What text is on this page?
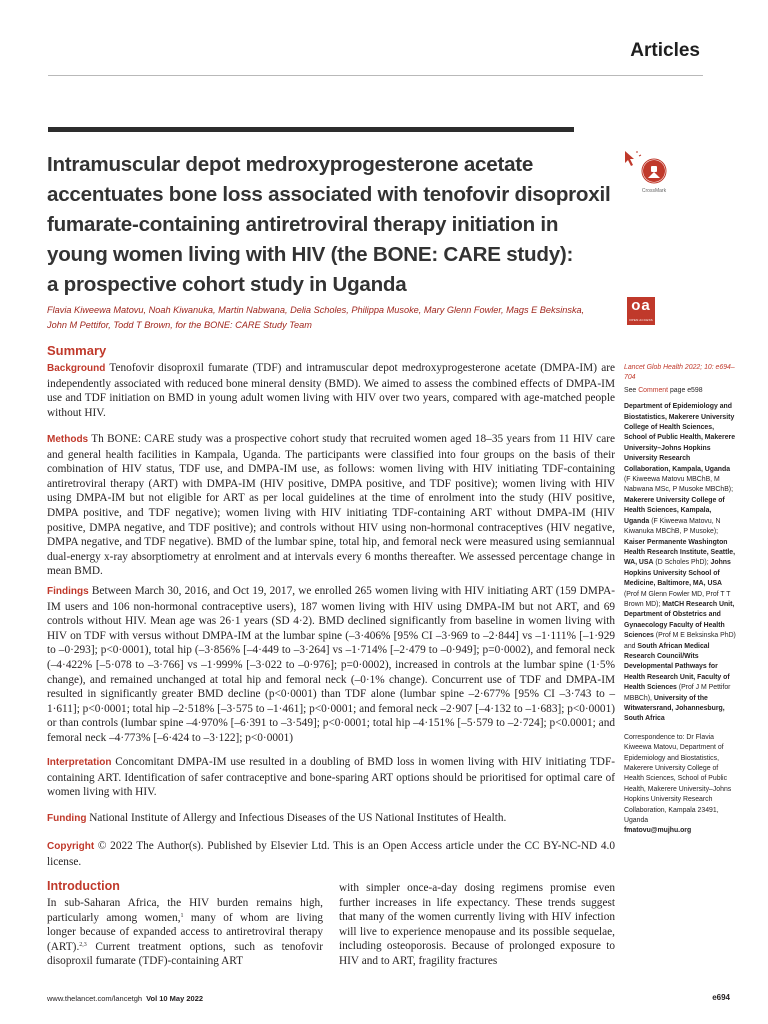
Articles
Intramuscular depot medroxyprogesterone acetate
accentuates bone loss associated with tenofovir disoproxil
fumarate-containing antiretroviral therapy initiation in
young women living with HIV (the BONE: CARE study):
a prospective cohort study in Uganda
CrossMark
oa
OPEN ACCESS
Flavia Kiweewa Matovu, Noah Kiwanuka, Martin Nabwana, Delia Scholes, Philippa Musoke, Mary Glenn Fowler, Mags E Beksinska,
John M Pettifor, Todd T Brown, for the BONE: CARE Study Team
Summary

Background Tenofovir disoproxil fumarate (TDF) and intramuscular depot medroxyprogesterone acetate (DMPA-IM) are independently associated with reduced bone mineral density (BMD). We aimed to assess the combined effects of DMPA-IM use and TDF initiation on BMD in young adult women living with HIV over two years, compared with age-matched people without HIV.

Methods Th BONE: CARE study was a prospective cohort study that recruited women aged 18–35 years from 11 HIV care and general health facilities in Kampala, Uganda. The participants were classified into four groups on the basis of their combination of HIV status, TDF use, and DMPA-IM use, as follows: women living with HIV initiating TDF-containing antiretroviral therapy (ART) with DMPA-IM (HIV positive, DMPA positive, and TDF positive); women living with HIV using DMPA-IM but not eligible for ART as per local guidelines at the time of enrolment into the study (HIV positive, DMPA positive, and TDF negative); women living with HIV initiating TDF-containing ART without DMPA-IM (HIV positive, DMPA negative, and TDF positive); and controls without HIV using non-hormonal contraceptives (HIV negative, DMPA negative, and TDF negative). BMD of the lumbar spine, total hip, and femoral neck were measured using semiannual dual-energy x-ray absorptiometry at enrolment and at intervals every 6 months thereafter. We assessed percentage change in mean BMD.

Findings Between March 30, 2016, and Oct 19, 2017, we enrolled 265 women living with HIV initiating ART (159 DMPA-IM users and 106 non-hormonal contraceptive users), 187 women living with HIV using DMPA-IM but not ART, and 69 controls without HIV. Mean age was 26·1 years (SD 4·2). BMD declined significantly from baseline in women living with HIV on TDF with versus without DMPA-IM at the lumbar spine (–3·406% [95% CI –3·969 to –2·844] vs –1·111% [–1·929 to –0·293]; p<0·0001), total hip (–3·856% [–4·449 to –3·264] vs –1·714% [–2·479 to –0·949]; p=0·0002), and femoral neck (–4·422% [–5·078 to –3·766] vs –1·999% [–3·022 to –0·976]; p=0·0002), increased in controls at the lumbar spine (1·5% change), and remained unchanged at total hip and femoral neck (–0·1% change). Concurrent use of TDF and DMPA-IM resulted in significantly greater BMD decline (p<0·0001) than TDF alone (lumbar spine –2·677% [95% CI –3·743 to –1·611]; p<0·0001; total hip –2·518% [–3·575 to –1·461]; p<0·0001; and femoral neck –2·907 [–4·132 to –1·683]; p<0·0001) or than controls (lumbar spine –4·970% [–6·391 to –3·549]; p<0·0001; total hip –4·151% [–5·579 to –2·724]; p<0.0001; and femoral neck –4·773% [–6·424 to –3·122]; p<0·0001)

Interpretation Concomitant DMPA-IM use resulted in a doubling of BMD loss in women living with HIV initiating TDF-containing ART. Identification of safer contraceptive and bone-sparing ART options should be prioritised for optimal care of women living with HIV.

Funding National Institute of Allergy and Infectious Diseases of the US National Institutes of Health.

Copyright © 2022 The Author(s). Published by Elsevier Ltd. This is an Open Access article under the CC BY-NC-ND 4.0 license.

Introduction

In sub-Saharan Africa, the HIV burden remains high, particularly among women,$^1$ many of whom are living longer because of expanded access to antiretroviral therapy (ART).$^{2,3}$ Current treatment options, such as tenofovir disoproxil fumarate (TDF)-containing ART

with simpler once-a-day dosing regimens promise even further increases in life expectancy. These trends suggest that many of the women currently living with HIV infection will live to experience menopause and its possible sequelae, including osteoporosis. Because of prolonged exposure to HIV and to ART, fragility fractures

Lancet Glob Health 2022; 10: e694–704
See Comment page e598
Department of Epidemiology and Biostatistics, Makerere University College of Health Sciences, School of Public Health, Makerere University–Johns Hopkins University Research Collaboration, Kampala, Uganda (F Kiweewa Matovu MBChB, M Nabwana MSc, P Musoke MBChB); Makerere University College of Health Sciences, Kampala, Uganda (F Kiweewa Matovu, N Kiwanuka MBChB, P Musoke); Kaiser Permanente Washington Health Research Institute, Seattle, WA, USA (D Scholes PhD); Johns Hopkins University School of Medicine, Baltimore, MA, USA (Prof M Glenn Fowler MD, Prof T T Brown MD); MatCH Research Unit, Department of Obstetrics and Gynaecology Faculty of Health Sciences (Prof M E Beksinska PhD) and South African Medical Research Council/Wits Developmental Pathways for Health Research Unit, Faculty of Health Sciences (Prof J M Pettifor MBBCh), University of the Witwatersrand, Johannesburg, South Africa
Correspondence to: Dr Flavia Kiweewa Matovu, Department of Epidemiology and Biostatistics, Makerere University College of Health Sciences, School of Public Health, Makerere University–Johns Hopkins University Research Collaboration, Kampala 23491, Uganda
fmatovu@mujhu.org
www.thelancet.com/lancetgh Vol 10 May 2022	e694
